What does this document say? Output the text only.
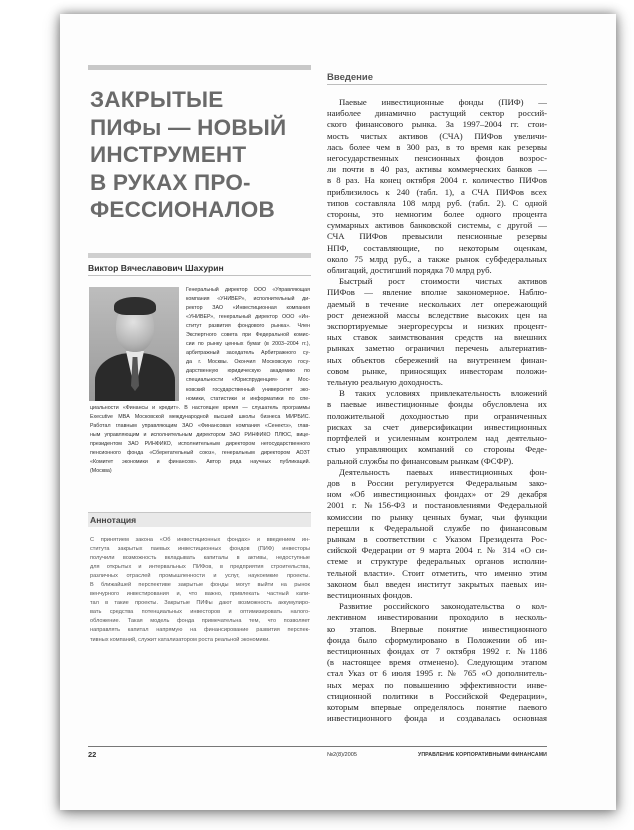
Введение
ЗАКРЫТЫЕ
ПИФы — НОВЫЙ
ИНСТРУМЕНТ
В РУКАХ ПРО-
ФЕССИОНАЛОВ
Виктор Вячеславович Шахурин
Генеральный директор ООО «Управляющая
компания «УНИВЕР», исполнительный ди-
ректор ЗАО «Инвестиционная компания
«УНИВЕР», генеральный директор ООО «Ин-
ститут развития фондового рынка». Член
Экспертного совета при Федеральной комис-
сии по рынку ценных бумаг (в 2003–2004 гг.),
арбитражный заседатель Арбитражного су-
да г. Москвы. Окончил Московскую госу-
дарственную юридическую академию по
специальности «Юриспруденция» и Мос-
ковский государственный университет эко-
номики, статистики и информатики по спе-
циальности «Финансы и кредит». В настоящее время — слушатель программы
Executive MBA Московской международной высшей школы бизнеса МИРБИС.
Работал главным управляющим ЗАО «Финансовая компания «Сенектэ», глав-
ным управляющим и исполнительным директором ЗАО РИНФИКО ПЛЮС, вице-
президентом ЗАО РИНФИКО, исполнительным директором негосударственного
пенсионного фонда «Сберегательный союз», генеральным директором АОЗТ
«Комитет экономики и финансов». Автор ряда научных публикаций.
(Москва)
Аннотация
С принятием закона «Об инвестиционных фондах» и введением ин-
ститута закрытых паевых инвестиционных фондов (ПИФ) инвесторы
получили возможность вкладывать капиталы в активы, недоступные
для открытых и интервальных ПИФов, в предприятия строительства,
различных отраслей промышленности и услуг, наукоемкие проекты.
В ближайшей перспективе закрытые фонды могут выйти на рынок
венчурного инвестирования и, что важно, привлекать частный капи-
тал в такие проекты. Закрытые ПИФы дают возможность аккумулиро-
вать средства потенциальных инвесторов и оптимизировать налого-
обложение. Такая модель фонда примечательна тем, что позволяет
направлять капитал напрямую на финансирование развития перспек-
тивных компаний, служит катализатором роста реальной экономики.
Паевые инвестиционные фонды (ПИФ) —
наиболее динамично растущий сектор россий-
ского финансового рынка. За 1997–2004 гг. стои-
мость чистых активов (СЧА) ПИФов увеличи-
лась более чем в 300 раз, в то время как резервы
негосударственных пенсионных фондов возрос-
ли почти в 40 раз, активы коммерческих банков —
в 8 раз. На конец октября 2004 г. количество ПИФов
приблизилось к 240 (табл. 1), а СЧА ПИФов всех
типов составляла 108 млрд руб. (табл. 2). С одной
стороны, это немногим более одного процента
суммарных активов банковской системы, с другой —
СЧА ПИФов превысили пенсионные резервы
НПФ, составляющие, по некоторым оценкам,
около 75 млрд руб., а также рынок субфедеральных
облигаций, достигший порядка 70 млрд руб.
Быстрый рост стоимости чистых активов
ПИФов — явление вполне закономерное. Наблю-
даемый в течение нескольких лет опережающий
рост денежной массы вследствие высоких цен на
экспортируемые энергоресурсы и низких процент-
ных ставок заимствования средств на внешних
рынках заметно ограничил перечень альтернатив-
ных объектов сбережений на внутреннем финан-
совом рынке, приносящих инвесторам положи-
тельную реальную доходность.
В таких условиях привлекательность вложений
в паевые инвестиционные фонды обусловлена их
положительной доходностью при ограниченных
рисках за счет диверсификации инвестиционных
портфелей и усиленным контролем над деятельно-
стью управляющих компаний со стороны Феде-
ральной службы по финансовым рынкам (ФСФР).
Деятельность паевых инвестиционных фон-
дов в России регулируется Федеральным зако-
ном «Об инвестиционных фондах» от 29 декабря
2001 г. №156-ФЗ и постановлениями Федеральной
комиссии по рынку ценных бумаг, чьи функции
перешли к Федеральной службе по финансовым
рынкам в соответствии с Указом Президента Рос-
сийской Федерации от 9 марта 2004 г. № 314 «О си-
стеме и структуре федеральных органов исполни-
тельной власти». Стоит отметить, что именно этим
законом был введен институт закрытых паевых ин-
вестиционных фондов.
Развитие российского законодательства о кол-
лективном инвестировании проходило в несколь-
ко этапов. Впервые понятие инвестиционного
фонда было сформулировано в Положении об ин-
вестиционных фондах от 7 октября 1992 г. №1186
(в настоящее время отменено). Следующим этапом
стал Указ от 6 июля 1995 г. № 765 «О дополнитель-
ных мерах по повышению эффективности инве-
стиционной политики в Российской Федерации»,
которым впервые определялось понятие паевого
инвестиционного фонда и создавалась основная
22	№2(8)/2005	УПРАВЛЕНИЕ КОРПОРАТИВНЫМИ ФИНАНСАМИ
